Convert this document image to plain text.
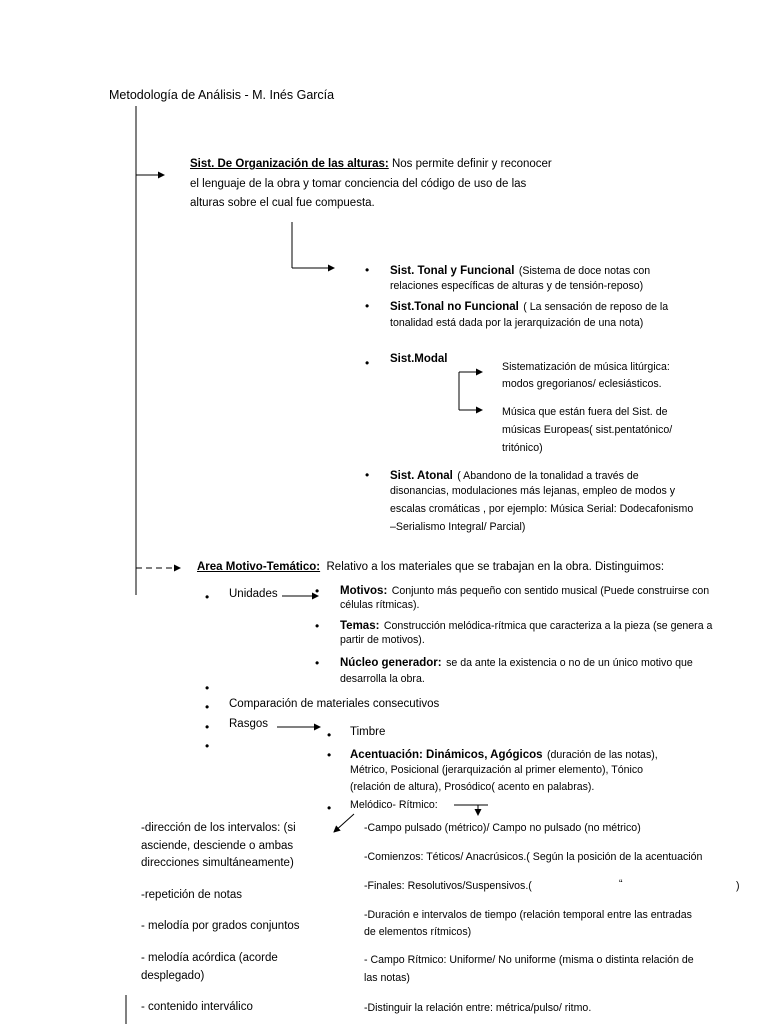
Metodología de Análisis - M. Inés García
Sist. De Organización de las alturas: Nos permite definir y reconocer
el lenguaje de la obra y tomar conciencia del código de uso de las
alturas sobre el cual fue compuesta.
• Sist. Tonal y Funcional (Sistema de doce notas con
relaciones específicas de alturas y de tensión-reposo)
• Sist.Tonal no Funcional ( La sensación de reposo de la
tonalidad está dada por la jerarquización de una nota)
• Sist.Modal
Sistematización de música litúrgica:
modos gregorianos/ eclesiásticos.
Música que están fuera del Sist. de
músicas Europeas( sist.pentatónico/
tritónico)
• Sist. Atonal ( Abandono de la tonalidad a través de
disonancias, modulaciones más lejanas, empleo de modos y
escalas cromáticas , por ejemplo: Música Serial: Dodecafonismo
–Serialismo Integral/ Parcial)
Area Motivo-Temático: Relativo a los materiales que se trabajan en la obra. Distinguimos:
• Unidades	• Motivos: Conjunto más pequeño con sentido musical (Puede construirse con
células rítmicas).
• Temas: Construcción melódica-rítmica que caracteriza a la pieza (se genera a
partir de motivos).
• Núcleo generador: se da ante la existencia o no de un único motivo que
desarrolla la obra.
•
• Comparación de materiales consecutivos
• Rasgos
•
• Timbre
• Acentuación: Dinámicos, Agógicos (duración de las notas),
Métrico, Posicional (jerarquización al primer elemento), Tónico
(relación de altura), Prosódico( acento en palabras).
• Melódico- Rítmico:
-dirección de los intervalos: (si
asciende, desciende o ambas
direcciones simultáneamente)
-repetición de notas
- melodía por grados conjuntos
- melodía acórdica (acorde
desplegado)
- contenido interválico
-Campo pulsado (métrico)/ Campo no pulsado (no métrico)
-Comienzos: Téticos/ Anacrúsicos.( Según la posición de la acentuación
-Finales: Resolutivos/Suspensivos.(	“	)
-Duración e intervalos de tiempo (relación temporal entre las entradas
de elementos rítmicos)
- Campo Rítmico: Uniforme/ No uniforme (misma o distinta relación de
las notas)
-Distinguir la relación entre: métrica/pulso/ ritmo.
